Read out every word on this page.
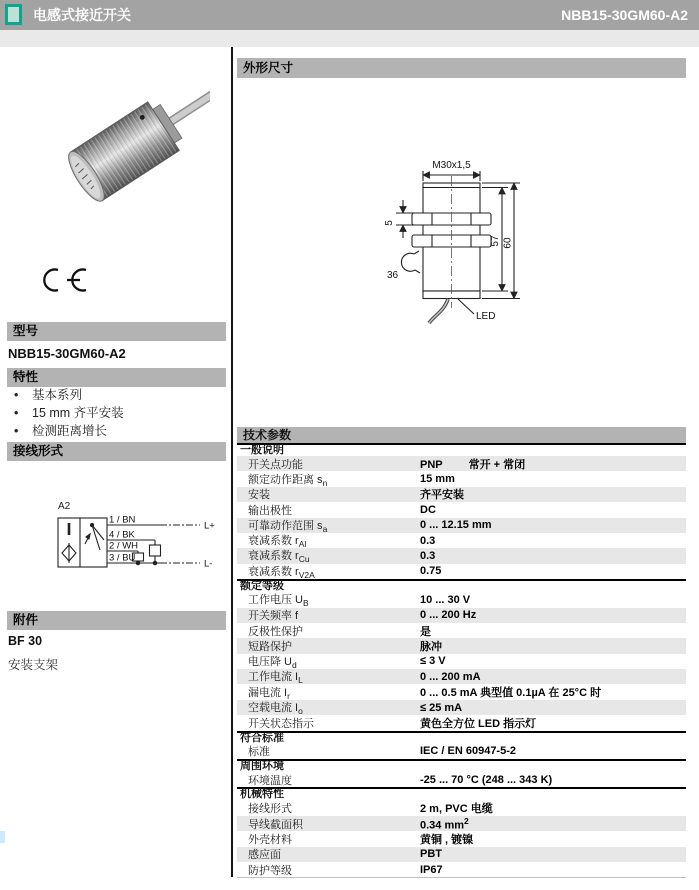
电感式接近开关	NBB15-30GM60-A2
型号
NBB15-30GM60-A2
特性
• 基本系列
• 15 mm 齐平安装
• 检测距离增长
接线形式
A2
1 / BN
4 / BK
2 / WH
3 / BU
L+
L-
附件
BF 30
安装支架
外形尺寸
M30x1,5
5
57 60
36
LED
技术参数
一般说明
开关点功能	PNP 常开 + 常闭
额定动作距离 $s_n$	15 mm
安装	齐平安装
输出极性	DC
可靠动作范围 $s_a$	0 ... 12.15 mm
衰减系数 $r_{Al}$	0.3
衰减系数 $r_{Cu}$	0.3
衰减系数 $r_{V2A}$	0.75
额定等级
工作电压 $U_B$	10 ... 30 V
开关频率 f	0 ... 200 Hz
反极性保护	是
短路保护	脉冲
电压降 $U_d$	≤ 3 V
工作电流 $I_L$	0 ... 200 mA
漏电流 $I_r$	0 ... 0.5 mA 典型值 0.1µA 在 25°C 时
空载电流 $I_o$	≤ 25 mA
开关状态指示	黄色全方位 LED 指示灯
符合标准
标准	IEC / EN 60947-5-2
周围环境
环境温度	-25 ... 70 °C (248 ... 343 K)
机械特性
接线形式	2 m, PVC 电缆
导线截面积	0.34 $mm^2$
外壳材料	黄铜 , 镀镍
感应面	PBT
防护等级	IP67
